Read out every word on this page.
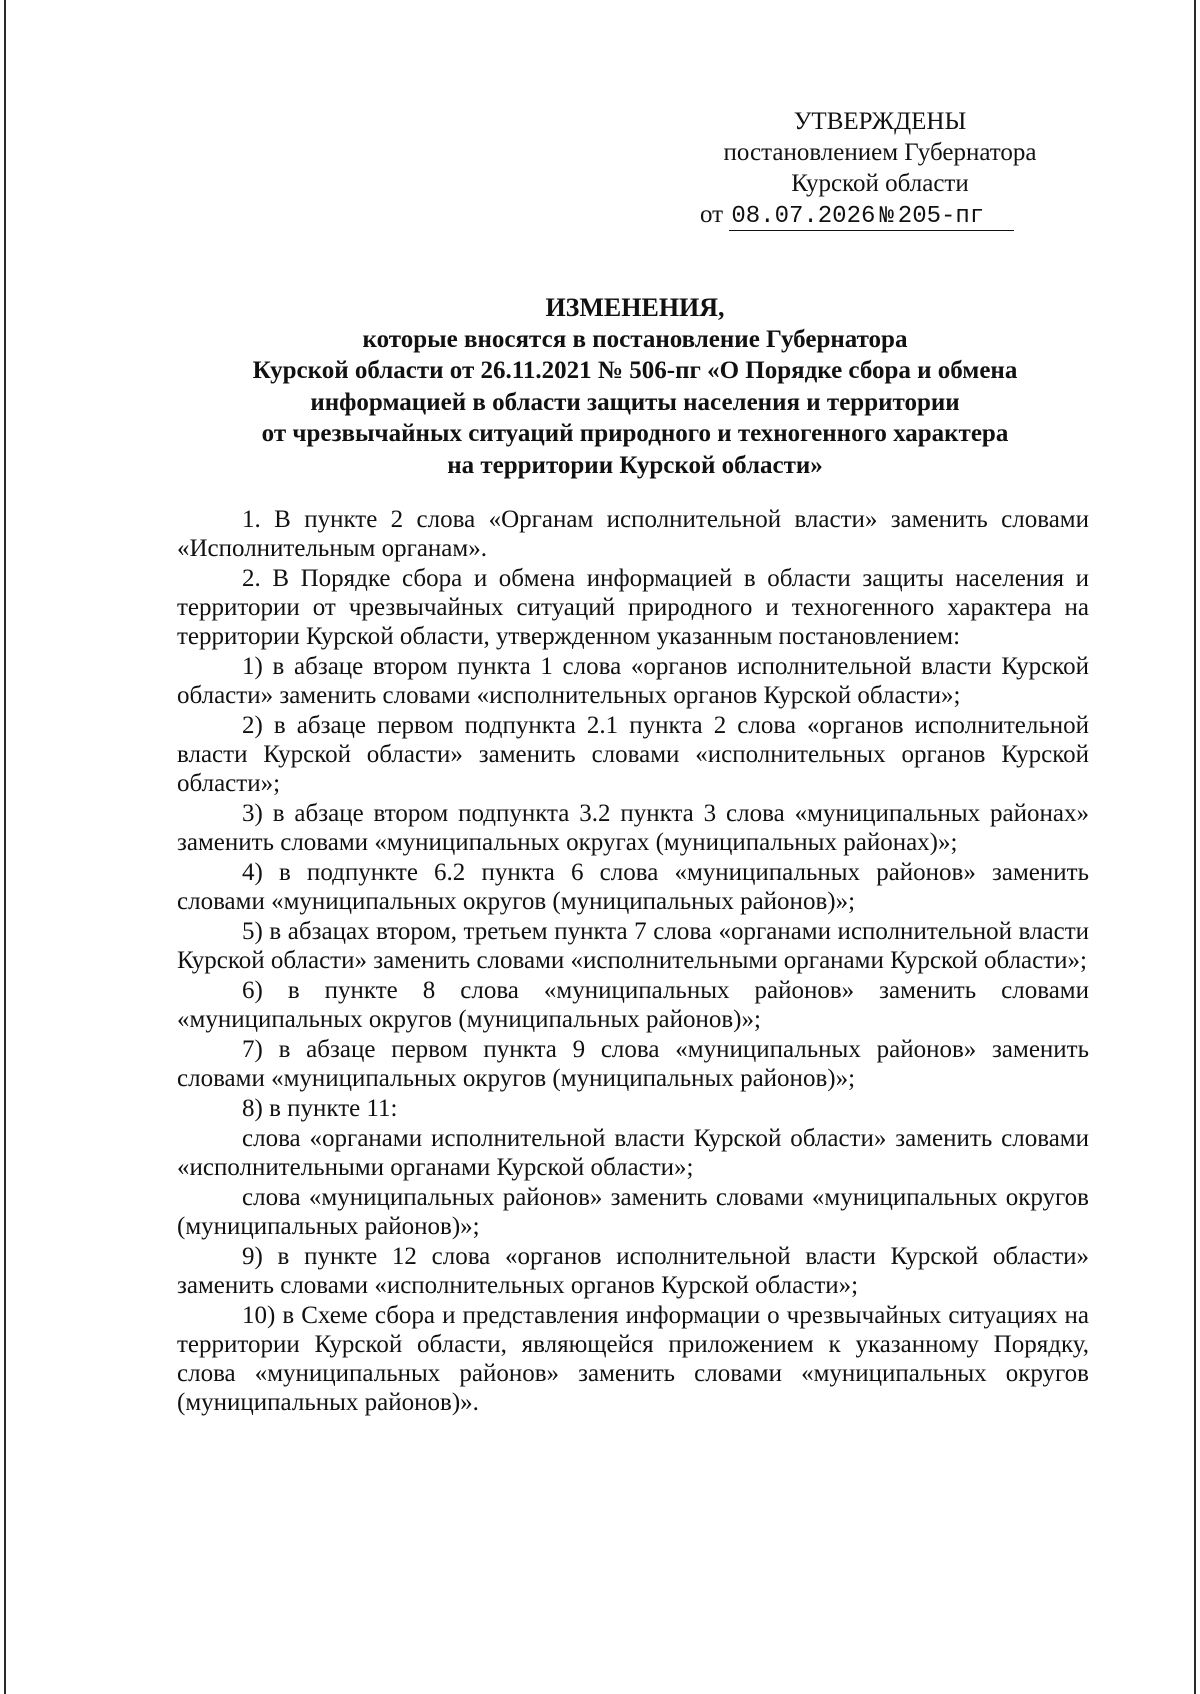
УТВЕРЖДЕНЫ
постановлением Губернатора
Курской области
от 08.07.2026 № 205-пг
ИЗМЕНЕНИЯ,
которые вносятся в постановление Губернатора
Курской области от 26.11.2021 № 506-пг «О Порядке сбора и обмена
информацией в области защиты населения и территории
от чрезвычайных ситуаций природного и техногенного характера
на территории Курской области»

1. В пункте 2 слова «Органам исполнительной власти» заменить словами «Исполнительным органам».

2. В Порядке сбора и обмена информацией в области защиты населения и территории от чрезвычайных ситуаций природного и техногенного характера на территории Курской области, утвержденном указанным постановлением:

1) в абзаце втором пункта 1 слова «органов исполнительной власти Курской области» заменить словами «исполнительных органов Курской области»;

2) в абзаце первом подпункта 2.1 пункта 2 слова «органов исполнительной власти Курской области» заменить словами «исполнительных органов Курской области»;

3) в абзаце втором подпункта 3.2 пункта 3 слова «муниципальных районах» заменить словами «муниципальных округах (муниципальных районах)»;

4) в подпункте 6.2 пункта 6 слова «муниципальных районов» заменить словами «муниципальных округов (муниципальных районов)»;

5) в абзацах втором, третьем пункта 7 слова «органами исполнительной власти Курской области» заменить словами «исполнительными органами Курской области»;

6) в пункте 8 слова «муниципальных районов» заменить словами «муниципальных округов (муниципальных районов)»;

7) в абзаце первом пункта 9 слова «муниципальных районов» заменить словами «муниципальных округов (муниципальных районов)»;

8) в пункте 11:

слова «органами исполнительной власти Курской области» заменить словами «исполнительными органами Курской области»;

слова «муниципальных районов» заменить словами «муниципальных округов (муниципальных районов)»;

9) в пункте 12 слова «органов исполнительной власти Курской области» заменить словами «исполнительных органов Курской области»;

10) в Схеме сбора и представления информации о чрезвычайных ситуациях на территории Курской области, являющейся приложением к указанному Порядку, слова «муниципальных районов» заменить словами «муниципальных округов (муниципальных районов)».
